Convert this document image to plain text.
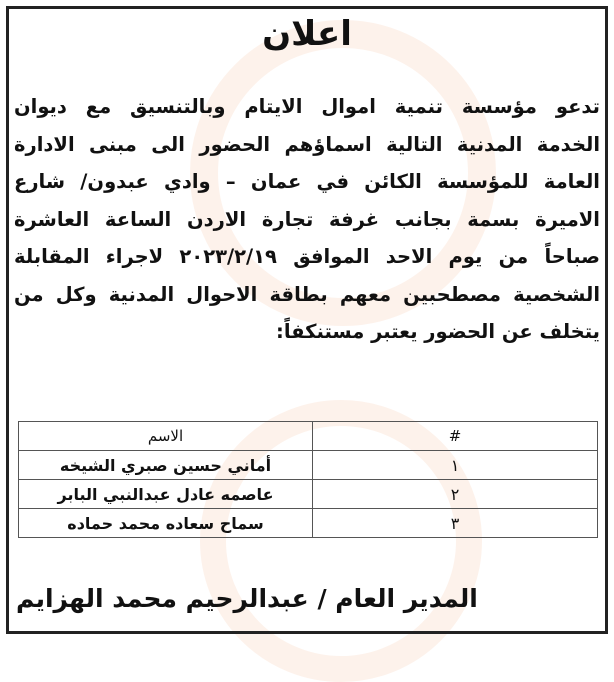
اعلان
تدعو مؤسسة تنمية اموال الايتام وبالتنسيق مع ديوان
الخدمة المدنية التالية اسماؤهم الحضور الى مبنى الادارة
العامة للمؤسسة الكائن في عمان – وادي عبدون/ شارع
الاميرة بسمة بجانب غرفة تجارة الاردن الساعة العاشرة
صباحاً من يوم الاحد الموافق ٢٠٢٣/٢/١٩ لاجراء المقابلة
الشخصية مصطحبين معهم بطاقة الاحوال المدنية وكل من
يتخلف عن الحضور يعتبر مستنكفاً:
#	الاسم
١	أماني حسين صبري الشيخه
٢	عاصمه عادل عبدالنبي البابر
٣	سماح سعاده محمد حماده
المدير العام / عبدالرحيم محمد الهزايم
